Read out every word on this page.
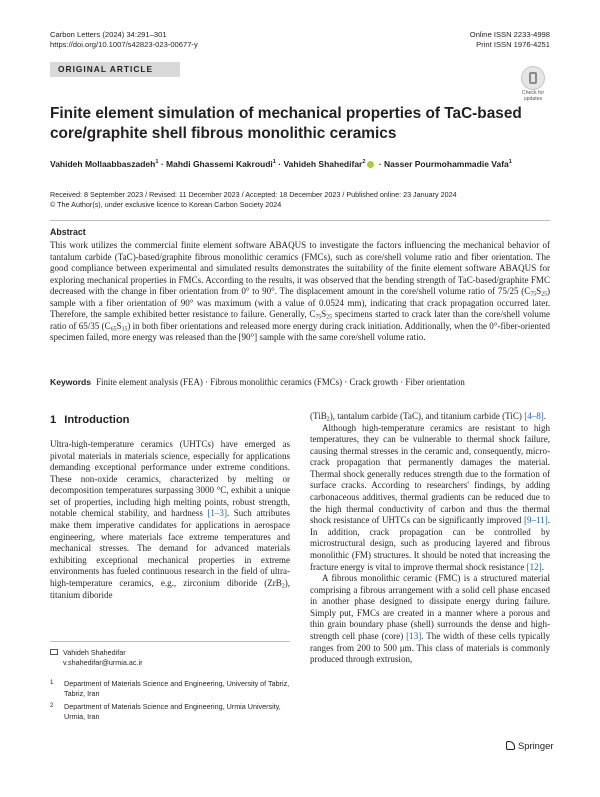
Carbon Letters (2024) 34:291–301
https://doi.org/10.1007/s42823-023-00677-y
Online ISSN 2233-4998
Print ISSN 1976-4251
ORIGINAL ARTICLE
Check for
updates
Finite element simulation of mechanical properties of TaC-based core/graphite shell fibrous monolithic ceramics
Vahideh Mollaabbaszadeh$^1$ · Mahdi Ghassemi Kakroudi$^1$ · Vahideh Shahedifar$^2$ · Nasser Pourmohammadie Vafa$^1$
Received: 8 September 2023 / Revised: 11 December 2023 / Accepted: 18 December 2023 / Published online: 23 January 2024
© The Author(s), under exclusive licence to Korean Carbon Society 2024
Abstract
This work utilizes the commercial finite element software ABAQUS to investigate the factors influencing the mechanical behavior of tantalum carbide (TaC)-based/graphite fibrous monolithic ceramics (FMCs), such as core/shell volume ratio and fiber orientation. The good compliance between experimental and simulated results demonstrates the suitability of the finite element software ABAQUS for exploring mechanical properties in FMCs. According to the results, it was observed that the bending strength of TaC-based/graphite FMC decreased with the change in fiber orientation from 0° to 90°. The displacement amount in the core/shell volume ratio of 75/25 $(C_{75}S_{25})$ sample with a fiber orientation of 90° was maximum (with a value of 0.0524 mm), indicating that crack propagation occurred later. Therefore, the sample exhibited better resistance to failure. Generally, $C_{75}S_{25}$ specimens started to crack later than the core/shell volume ratio of 65/35 $(C_{65}S_{35})$ in both fiber orientations and released more energy during crack initiation. Additionally, when the 0°-fiber-oriented specimen failed, more energy was released than the [90°] sample with the same core/shell volume ratio.
Keywords Finite element analysis (FEA) · Fibrous monolithic ceramics (FMCs) · Crack growth · Fiber orientation
1 Introduction

Ultra-high-temperature ceramics (UHTCs) have emerged as pivotal materials in materials science, especially for applications demanding exceptional performance under extreme conditions. These non-oxide ceramics, characterized by melting or decomposition temperatures surpassing 3000 °C, exhibit a unique set of properties, including high melting points, robust strength, notable chemical stability, and hardness [1–3]. Such attributes make them imperative candidates for applications in aerospace engineering, where materials face extreme temperatures and mechanical stresses. The demand for advanced materials exhibiting exceptional mechanical properties in extreme environments has fueled continuous research in the field of ultra-high-temperature ceramics, e.g., zirconium diboride (ZrB$_2$), titanium diboride

(TiB$_2$), tantalum carbide (TaC), and titanium carbide (TiC) [4–8].

Although high-temperature ceramics are resistant to high temperatures, they can be vulnerable to thermal shock failure, causing thermal stresses in the ceramic and, consequently, micro-crack propagation that permanently damages the material. Thermal shock generally reduces strength due to the formation of surface cracks. According to researchers' findings, by adding carbonaceous additives, thermal gradients can be reduced due to the high thermal conductivity of carbon and thus the thermal shock resistance of UHTCs can be significantly improved [9–11]. In addition, crack propagation can be controlled by microstructural design, such as producing layered and fibrous monolithic (FM) structures. It should be noted that increasing the fracture energy is vital to improve thermal shock resistance [12].

A fibrous monolithic ceramic (FMC) is a structured material comprising a fibrous arrangement with a solid cell phase encased in another phase designed to dissipate energy during failure. Simply put, FMCs are created in a manner where a porous and thin grain boundary phase (shell) surrounds the dense and high-strength cell phase (core) [13]. The width of these cells typically ranges from 200 to 500 μm. This class of materials is commonly produced through extrusion,

Vahideh Shahedifar
v.shahedifar@urmia.ac.ir
1 Department of Materials Science and Engineering, University of Tabriz, Tabriz, Iran
2 Department of Materials Science and Engineering, Urmia University, Urmia, Iran
Springer
